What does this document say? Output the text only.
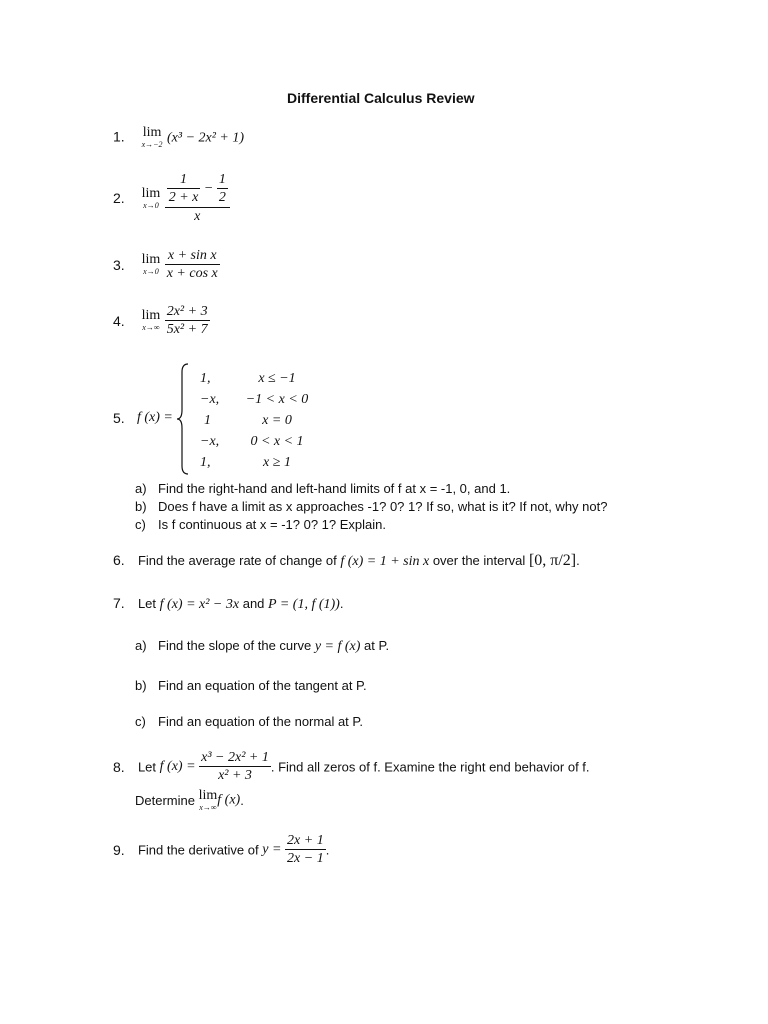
Differential Calculus Review
1. lim
x→−2 (x³ − 2x² + 1)
2. lim
x→0
$\frac{\frac{1}{2 + x} - \frac{1}{2}}{x}$
3. lim
x→0
$\frac{\text{x + sin x}}{\text{x + cos x}}$
4. lim
x→∞
$\frac{\text{2x² + 3}}{\text{5x² + 7}}$
5. f (x) =
1,	x ≤ −1
−x, −1 < x < 0
1	x = 0
−x, 0 < x < 1
1,	x ≥ 1
a) Find the right-hand and left-hand limits of f at x = -1, 0, and 1.
b) Does f have a limit as x approaches -1? 0? 1? If so, what is it? If not, why not?
c) Is f continuous at x = -1? 0? 1? Explain.
6. Find the average rate of change of f (x) = 1 + sin x over the interval [0, π/2].
7. Let f (x) = x² − 3x and P = (1, f (1)).
a) Find the slope of the curve y = f (x) at P.
b) Find an equation of the tangent at P.
c) Find an equation of the normal at P.
8. Let f $(x) = \frac{\text{x³ − 2x² + 1}}{\text{x² + 3}}$ . Find all zeros of f. Examine the right end behavior of f.
Determine lim
x→∞ f (x).
9. Find the derivative of $y = \frac{2x + 1}{2x - 1}$ .
